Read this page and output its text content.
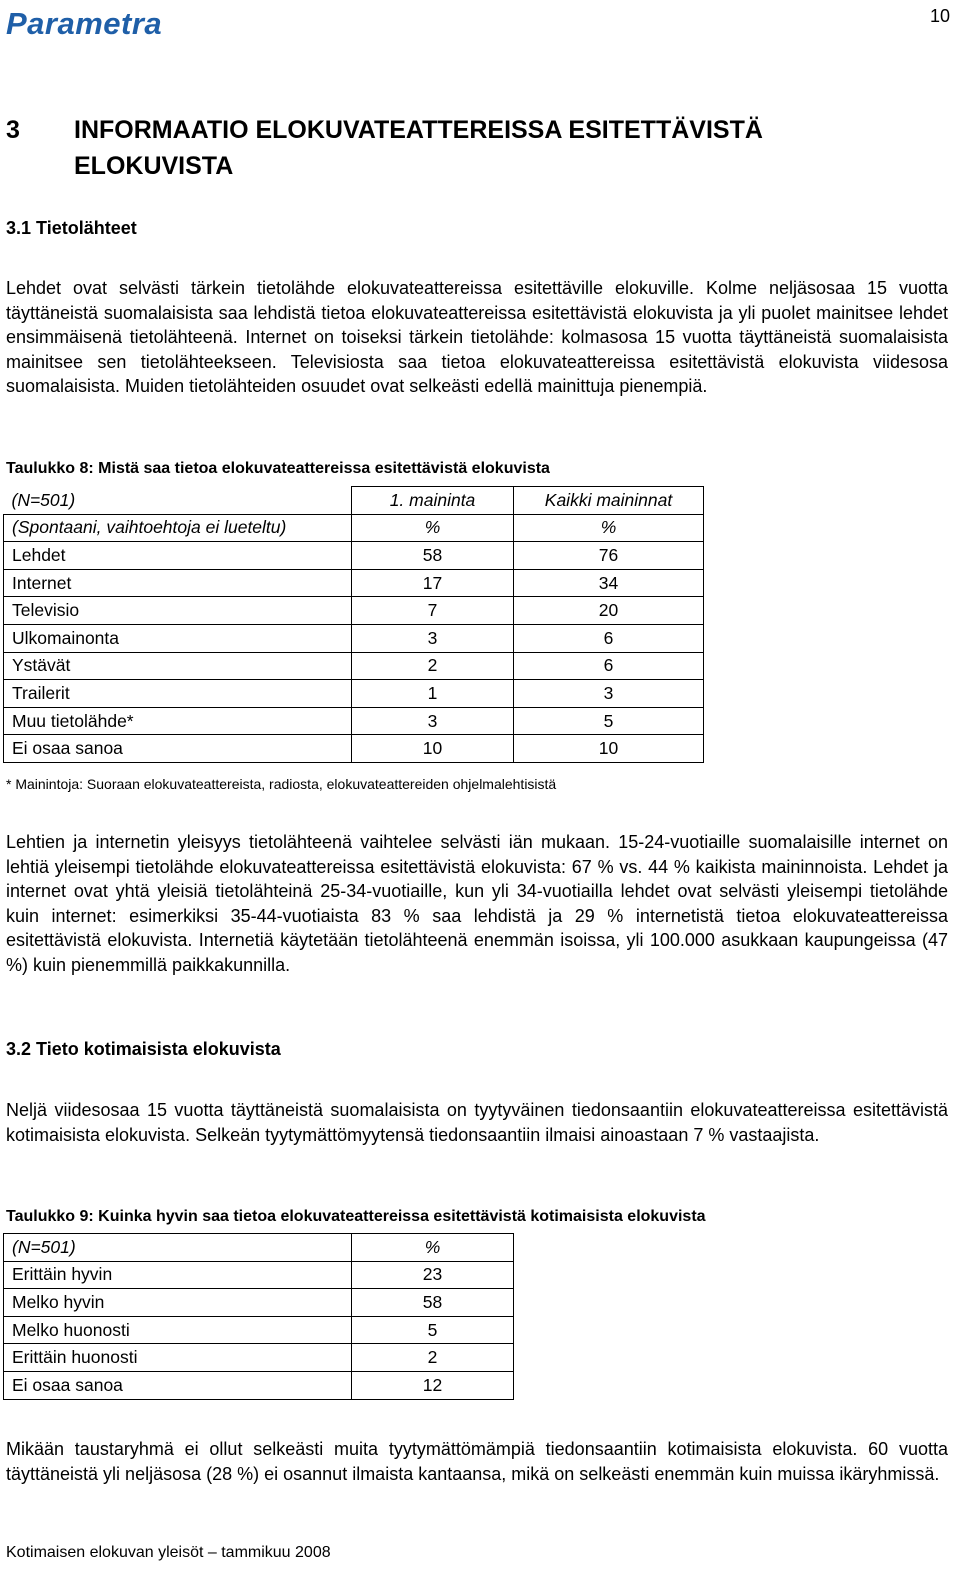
Parametra	10
3	INFORMAATIO ELOKUVATEATTEREISSA ESITETTÄVISTÄ
ELOKUVISTA
3.1 Tietolähteet
Lehdet ovat selvästi tärkein tietolähde elokuvateattereissa esitettäville elokuville. Kolme neljäsosaa 15 vuotta täyttäneistä suomalaisista saa lehdistä tietoa elokuvateattereissa esitettävistä elokuvista ja yli puolet mainitsee lehdet ensimmäisenä tietolähteenä. Internet on toiseksi tärkein tietolähde: kolmasosa 15 vuotta täyttäneistä suomalaisista mainitsee sen tietolähteekseen. Televisiosta saa tietoa elokuvateattereissa esitettävistä elokuvista viidesosa suomalaisista. Muiden tietolähteiden osuudet ovat selkeästi edellä mainittuja pienempiä.
Taulukko 8: Mistä saa tietoa elokuvateattereissa esitettävistä elokuvista
(N=501)	1. maininta	Kaikki maininnat
(Spontaani, vaihtoehtoja ei lueteltu)	%	%
Lehdet	58	76
Internet	17	34
Televisio	7	20
Ulkomainonta	3	6
Ystävät	2	6
Trailerit	1	3
Muu tietolähde*	3	5
Ei osaa sanoa	10	10
* Mainintoja: Suoraan elokuvateattereista, radiosta, elokuvateattereiden ohjelmalehtisistä
Lehtien ja internetin yleisyys tietolähteenä vaihtelee selvästi iän mukaan. 15-24-vuotiaille suomalaisille internet on lehtiä yleisempi tietolähde elokuvateattereissa esitettävistä elokuvista: 67 % vs. 44 % kaikista maininnoista. Lehdet ja internet ovat yhtä yleisiä tietolähteinä 25-34-vuotiaille, kun yli 34-vuotiailla lehdet ovat selvästi yleisempi tietolähde kuin internet: esimerkiksi 35-44-vuotiaista 83 % saa lehdistä ja 29 % internetistä tietoa elokuvateattereissa esitettävistä elokuvista. Internetiä käytetään tietolähteenä enemmän isoissa, yli 100.000 asukkaan kaupungeissa (47 %) kuin pienemmillä paikkakunnilla.
3.2 Tieto kotimaisista elokuvista
Neljä viidesosaa 15 vuotta täyttäneistä suomalaisista on tyytyväinen tiedonsaantiin elokuvateattereissa esitettävistä kotimaisista elokuvista. Selkeän tyytymättömyytensä tiedonsaantiin ilmaisi ainoastaan 7 % vastaajista.
Taulukko 9: Kuinka hyvin saa tietoa elokuvateattereissa esitettävistä kotimaisista elokuvista
(N=501)	%
Erittäin hyvin	23
Melko hyvin	58
Melko huonosti	5
Erittäin huonosti	2
Ei osaa sanoa	12
Mikään taustaryhmä ei ollut selkeästi muita tyytymättömämpiä tiedonsaantiin kotimaisista elokuvista. 60 vuotta täyttäneistä yli neljäsosa (28 %) ei osannut ilmaista kantaansa, mikä on selkeästi enemmän kuin muissa ikäryhmissä.
Kotimaisen elokuvan yleisöt – tammikuu 2008
